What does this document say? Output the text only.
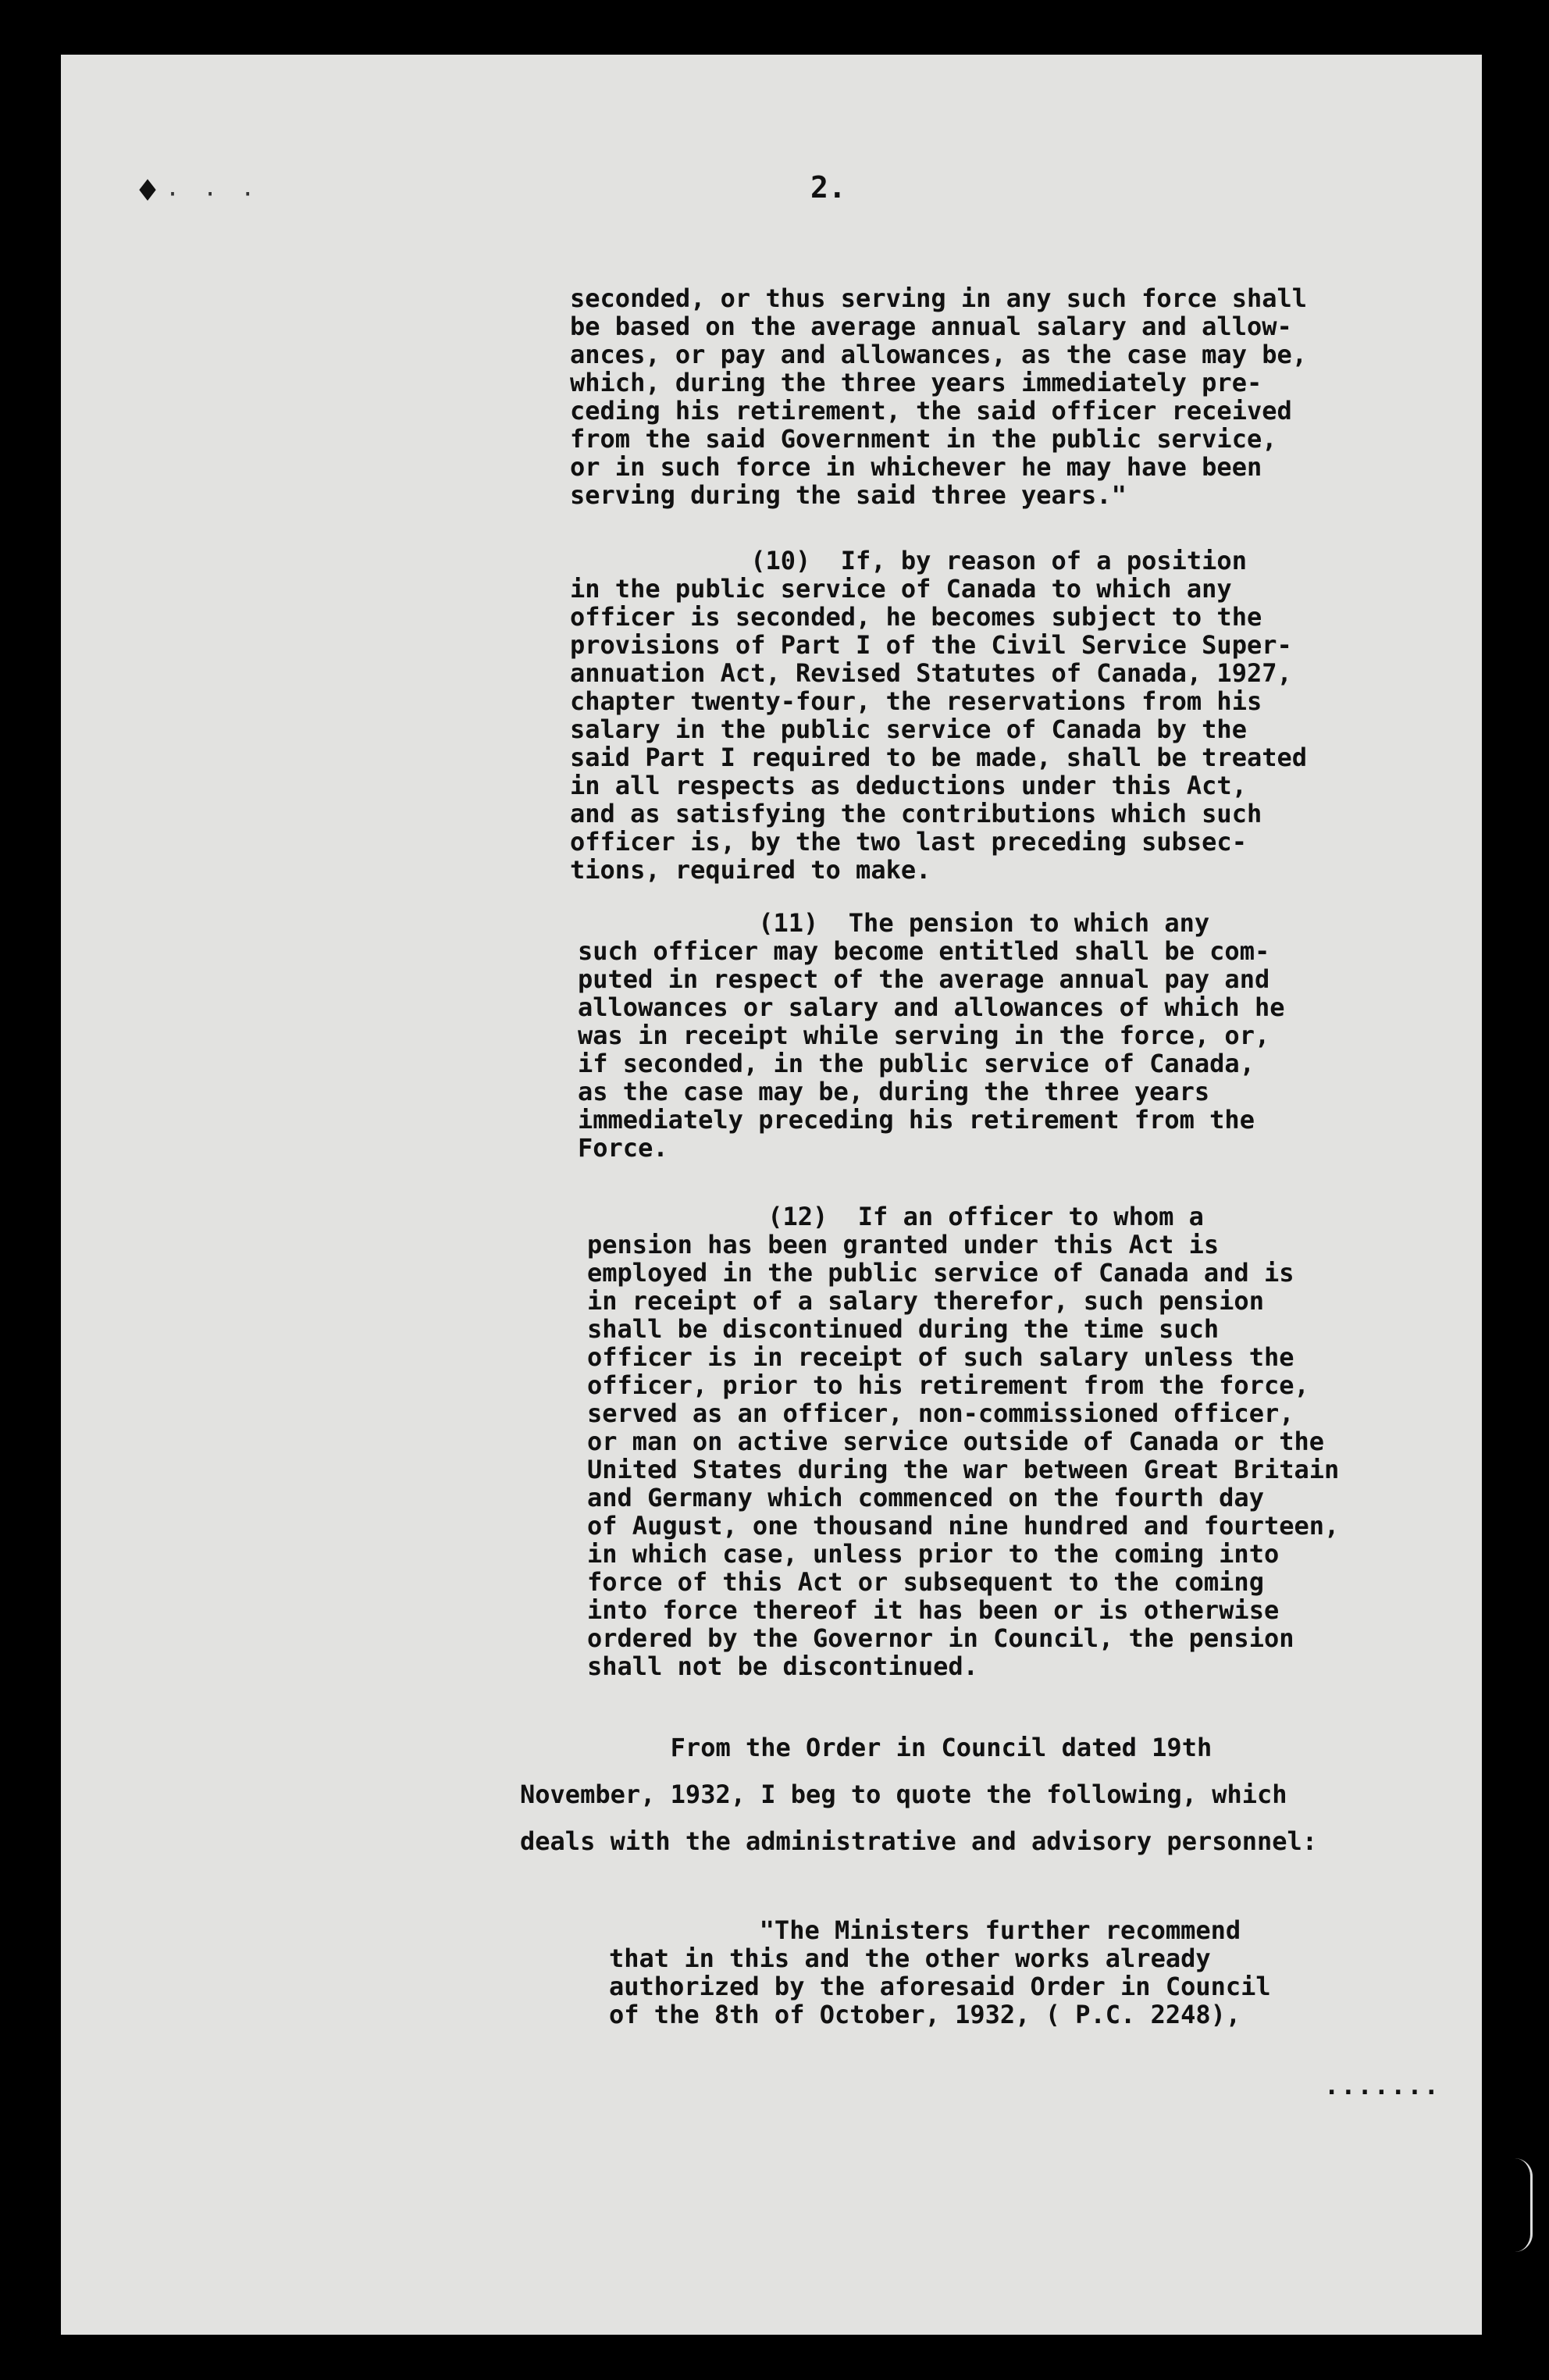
♦ · · ·	2.
seconded, or thus serving in any such force shall
be based on the average annual salary and allow-
ances, or pay and allowances, as the case may be,
which, during the three years immediately pre-
ceding his retirement, the said officer received
from the said Government in the public service,
or in such force in whichever he may have been
serving during the said three years."
(10)  If, by reason of a position
in the public service of Canada to which any
officer is seconded, he becomes subject to the
provisions of Part I of the Civil Service Super-
annuation Act, Revised Statutes of Canada, 1927,
chapter twenty-four, the reservations from his
salary in the public service of Canada by the
said Part I required to be made, shall be treated
in all respects as deductions under this Act,
and as satisfying the contributions which such
officer is, by the two last preceding subsec-
tions, required to make.
(11)  The pension to which any
such officer may become entitled shall be com-
puted in respect of the average annual pay and
allowances or salary and allowances of which he
was in receipt while serving in the force, or,
if seconded, in the public service of Canada,
as the case may be, during the three years
immediately preceding his retirement from the
Force.
(12)  If an officer to whom a
pension has been granted under this Act is
employed in the public service of Canada and is
in receipt of a salary therefor, such pension
shall be discontinued during the time such
officer is in receipt of such salary unless the
officer, prior to his retirement from the force,
served as an officer, non-commissioned officer,
or man on active service outside of Canada or the
United States during the war between Great Britain
and Germany which commenced on the fourth day
of August, one thousand nine hundred and fourteen,
in which case, unless prior to the coming into
force of this Act or subsequent to the coming
into force thereof it has been or is otherwise
ordered by the Governor in Council, the pension
shall not be discontinued.
From the Order in Council dated 19th
November, 1932, I beg to quote the following, which
deals with the administrative and advisory personnel:
"The Ministers further recommend
that in this and the other works already
authorized by the aforesaid Order in Council
of the 8th of October, 1932, ( P.C. 2248),
.......
